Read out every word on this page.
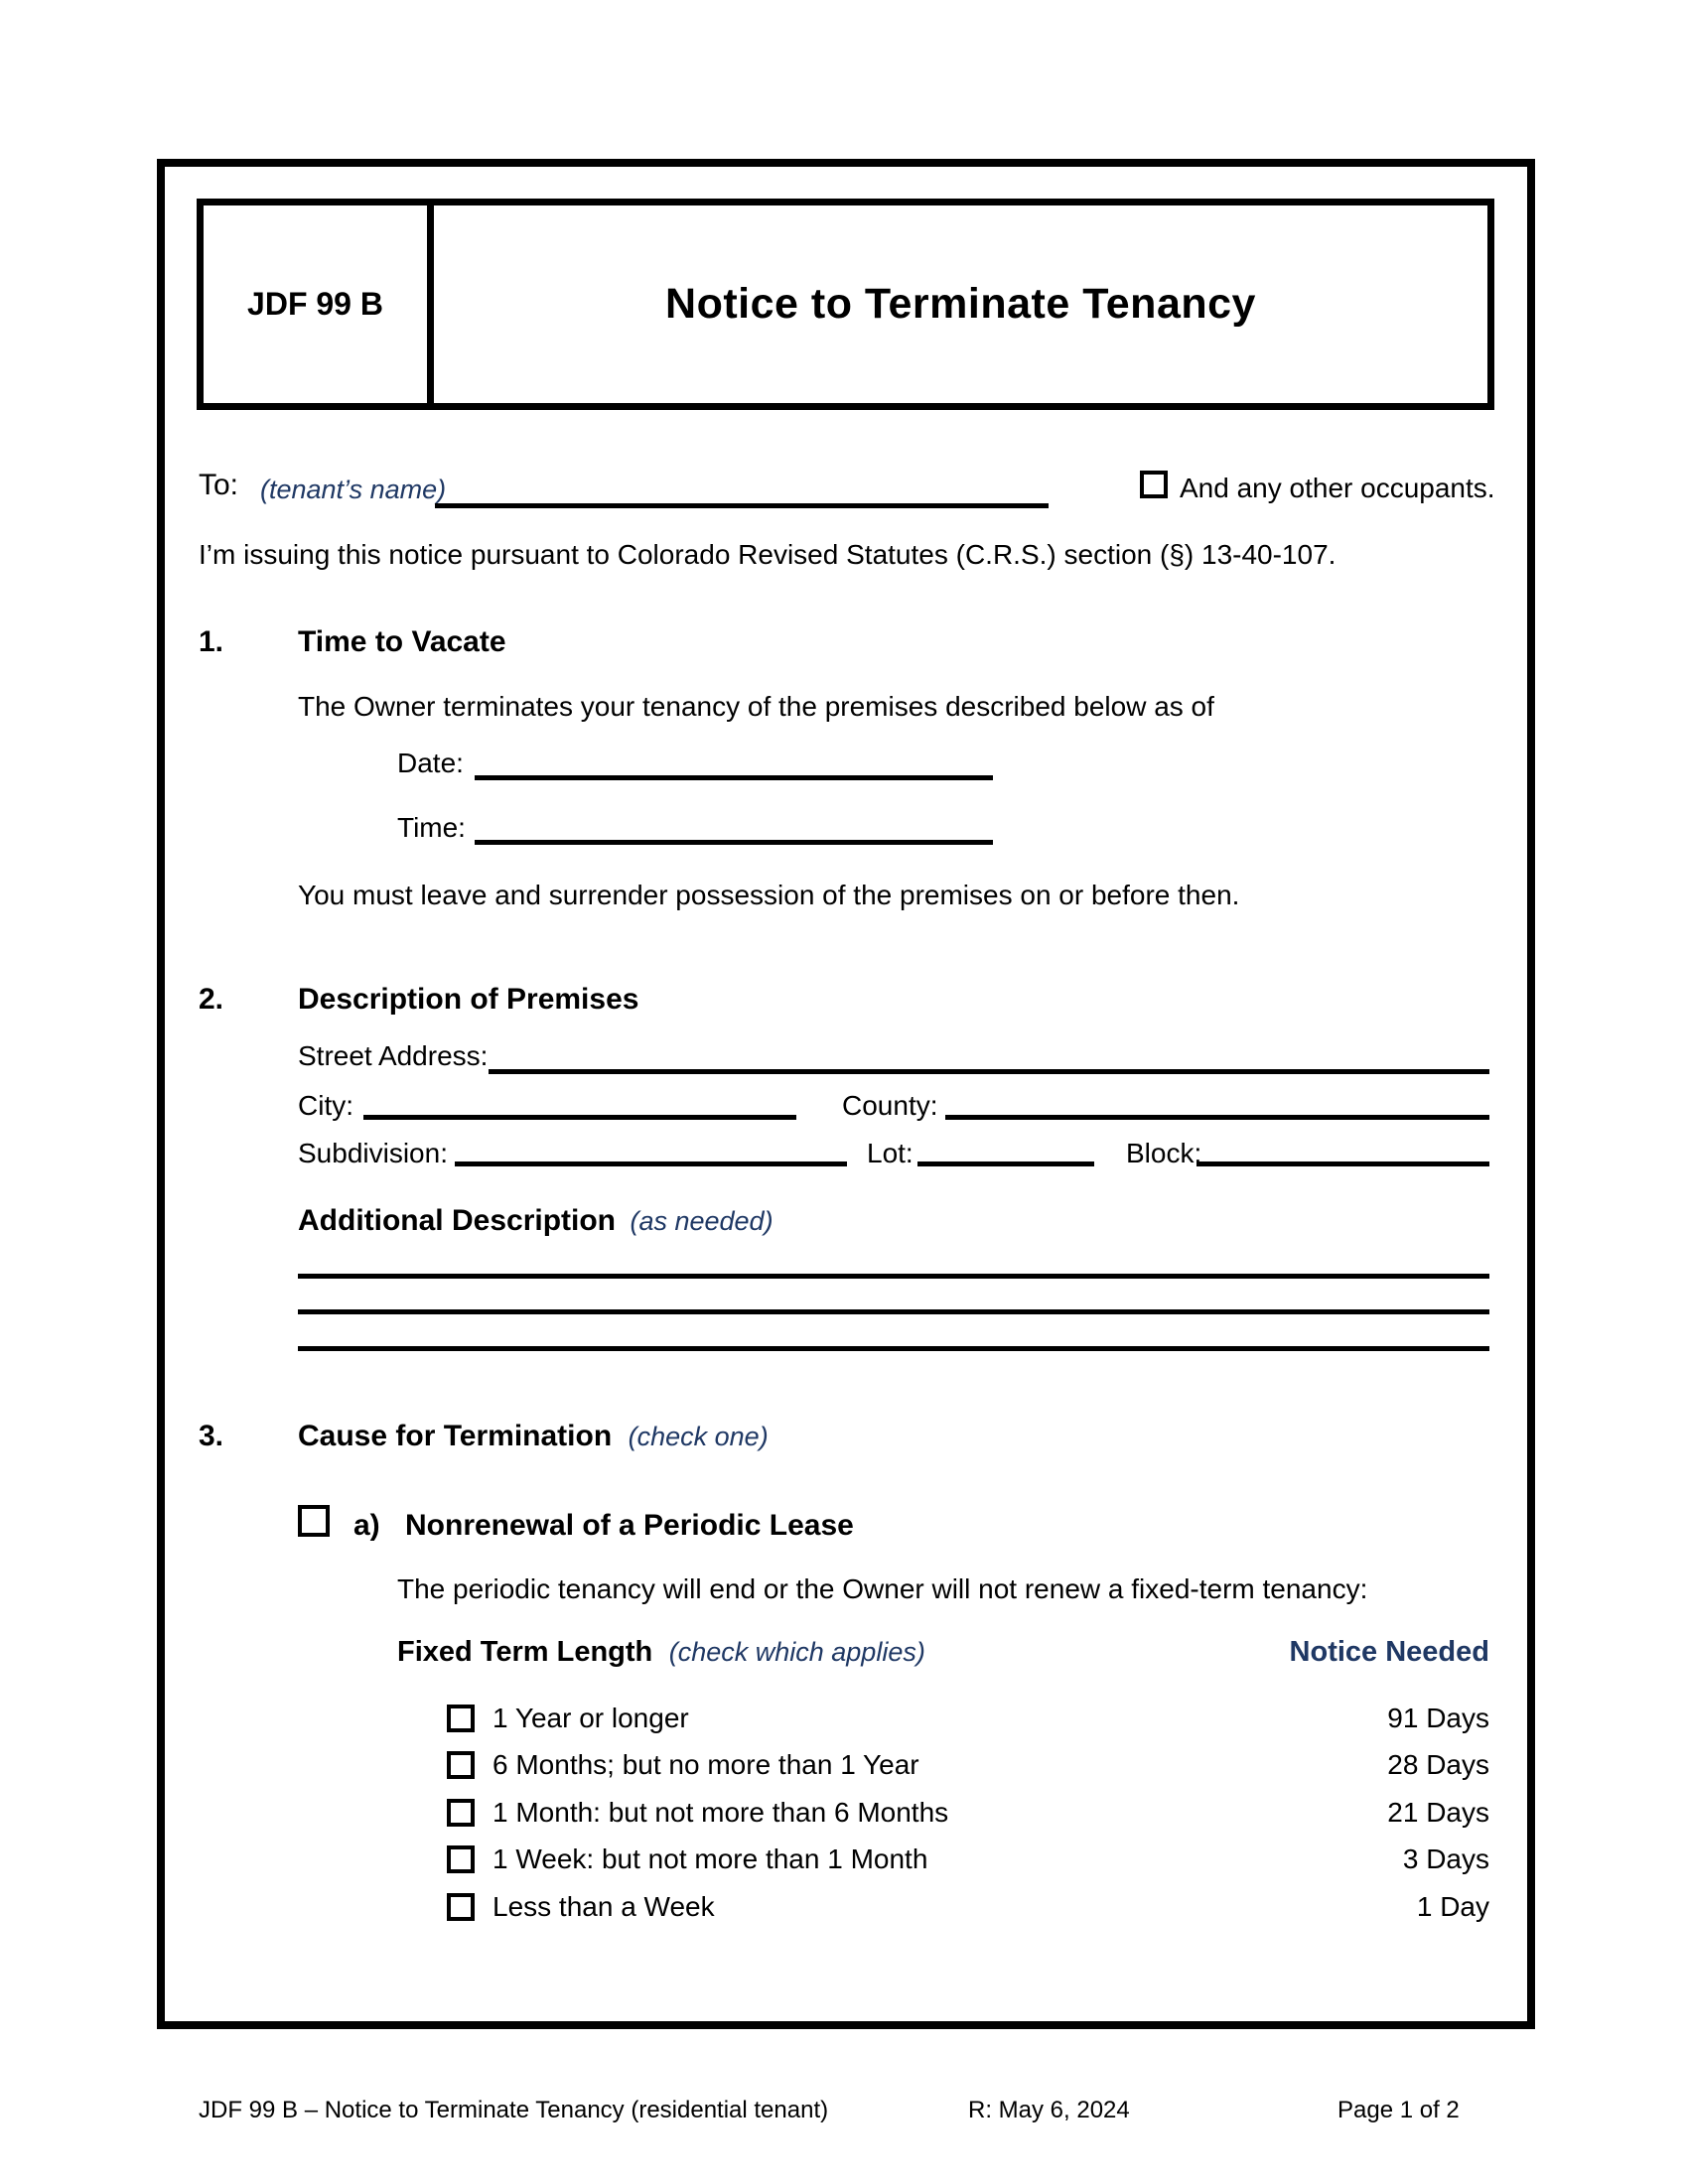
JDF 99 B	Notice to Terminate Tenancy
To: (tenant’s name)	And any other occupants.
I’m issuing this notice pursuant to Colorado Revised Statutes (C.R.S.) section (§) 13-40-107.
1. Time to Vacate
The Owner terminates your tenancy of the premises described below as of
Date:
Time:
You must leave and surrender possession of the premises on or before then.
2. Description of Premises
Street Address:
City:	County:
Subdivision:	Lot:	Block:
Additional Description (as needed)
3. Cause for Termination (check one)
a) Nonrenewal of a Periodic Lease
The periodic tenancy will end or the Owner will not renew a fixed-term tenancy:
Fixed Term Length (check which applies)	Notice Needed
1 Year or longer	91 Days
6 Months; but no more than 1 Year	28 Days
1 Month: but not more than 6 Months	21 Days
1 Week: but not more than 1 Month	3 Days
Less than a Week	1 Day
JDF 99 B – Notice to Terminate Tenancy (residential tenant)	R: May 6, 2024	Page 1 of 2
